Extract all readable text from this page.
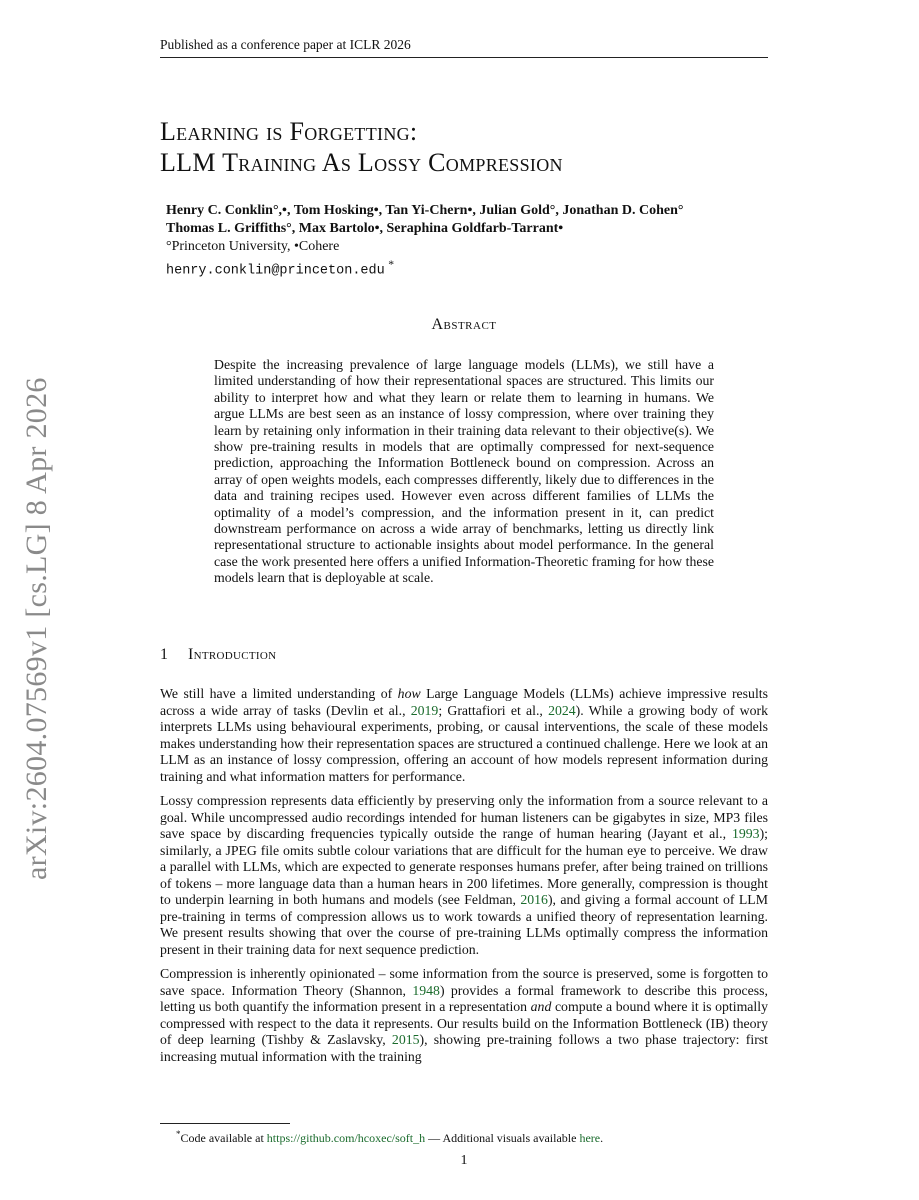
Published as a conference paper at ICLR 2026
arXiv:2604.07569v1 [cs.LG] 8 Apr 2026
Learning is Forgetting:
LLM Training As Lossy Compression
Henry C. Conklin°,•, Tom Hosking•, Tan Yi-Chern•, Julian Gold°, Jonathan D. Cohen°
Thomas L. Griffiths°, Max Bartolo•, Seraphina Goldfarb-Tarrant•
°Princeton University, •Cohere
henry.conklin@princeton.edu *
Abstract
Despite the increasing prevalence of large language models (LLMs), we still have a limited understanding of how their representational spaces are structured. This limits our ability to interpret how and what they learn or relate them to learning in humans. We argue LLMs are best seen as an instance of lossy compression, where over training they learn by retaining only information in their training data relevant to their objective(s). We show pre-training results in models that are optimally compressed for next-sequence prediction, approaching the Information Bottleneck bound on compression. Across an array of open weights models, each compresses differently, likely due to differences in the data and training recipes used. However even across different families of LLMs the optimality of a model’s compression, and the information present in it, can predict downstream performance on across a wide array of benchmarks, letting us directly link representational structure to actionable insights about model performance. In the general case the work presented here offers a unified Information-Theoretic framing for how these models learn that is deployable at scale.
1 Introduction

We still have a limited understanding of how Large Language Models (LLMs) achieve impressive results across a wide array of tasks (Devlin et al., 2019; Grattafiori et al., 2024). While a growing body of work interprets LLMs using behavioural experiments, probing, or causal interventions, the scale of these models makes understanding how their representation spaces are structured a continued challenge. Here we look at an LLM as an instance of lossy compression, offering an account of how models represent information during training and what information matters for performance.

Lossy compression represents data efficiently by preserving only the information from a source relevant to a goal. While uncompressed audio recordings intended for human listeners can be gigabytes in size, MP3 files save space by discarding frequencies typically outside the range of human hearing (Jayant et al., 1993); similarly, a JPEG file omits subtle colour variations that are difficult for the human eye to perceive. We draw a parallel with LLMs, which are expected to generate responses humans prefer, after being trained on trillions of tokens – more language data than a human hears in 200 lifetimes. More generally, compression is thought to underpin learning in both humans and models (see Feldman, 2016), and giving a formal account of LLM pre-training in terms of compression allows us to work towards a unified theory of representation learning. We present results showing that over the course of pre-training LLMs optimally compress the information present in their training data for next sequence prediction.

Compression is inherently opinionated – some information from the source is preserved, some is forgotten to save space. Information Theory (Shannon, 1948) provides a formal framework to describe this process, letting us both quantify the information present in a representation and compute a bound where it is optimally compressed with respect to the data it represents. Our results build on the Information Bottleneck (IB) theory of deep learning (Tishby & Zaslavsky, 2015), showing pre-training follows a two phase trajectory: first increasing mutual information with the training

*Code available at https://github.com/hcoxec/soft_h — Additional visuals available here.
1
